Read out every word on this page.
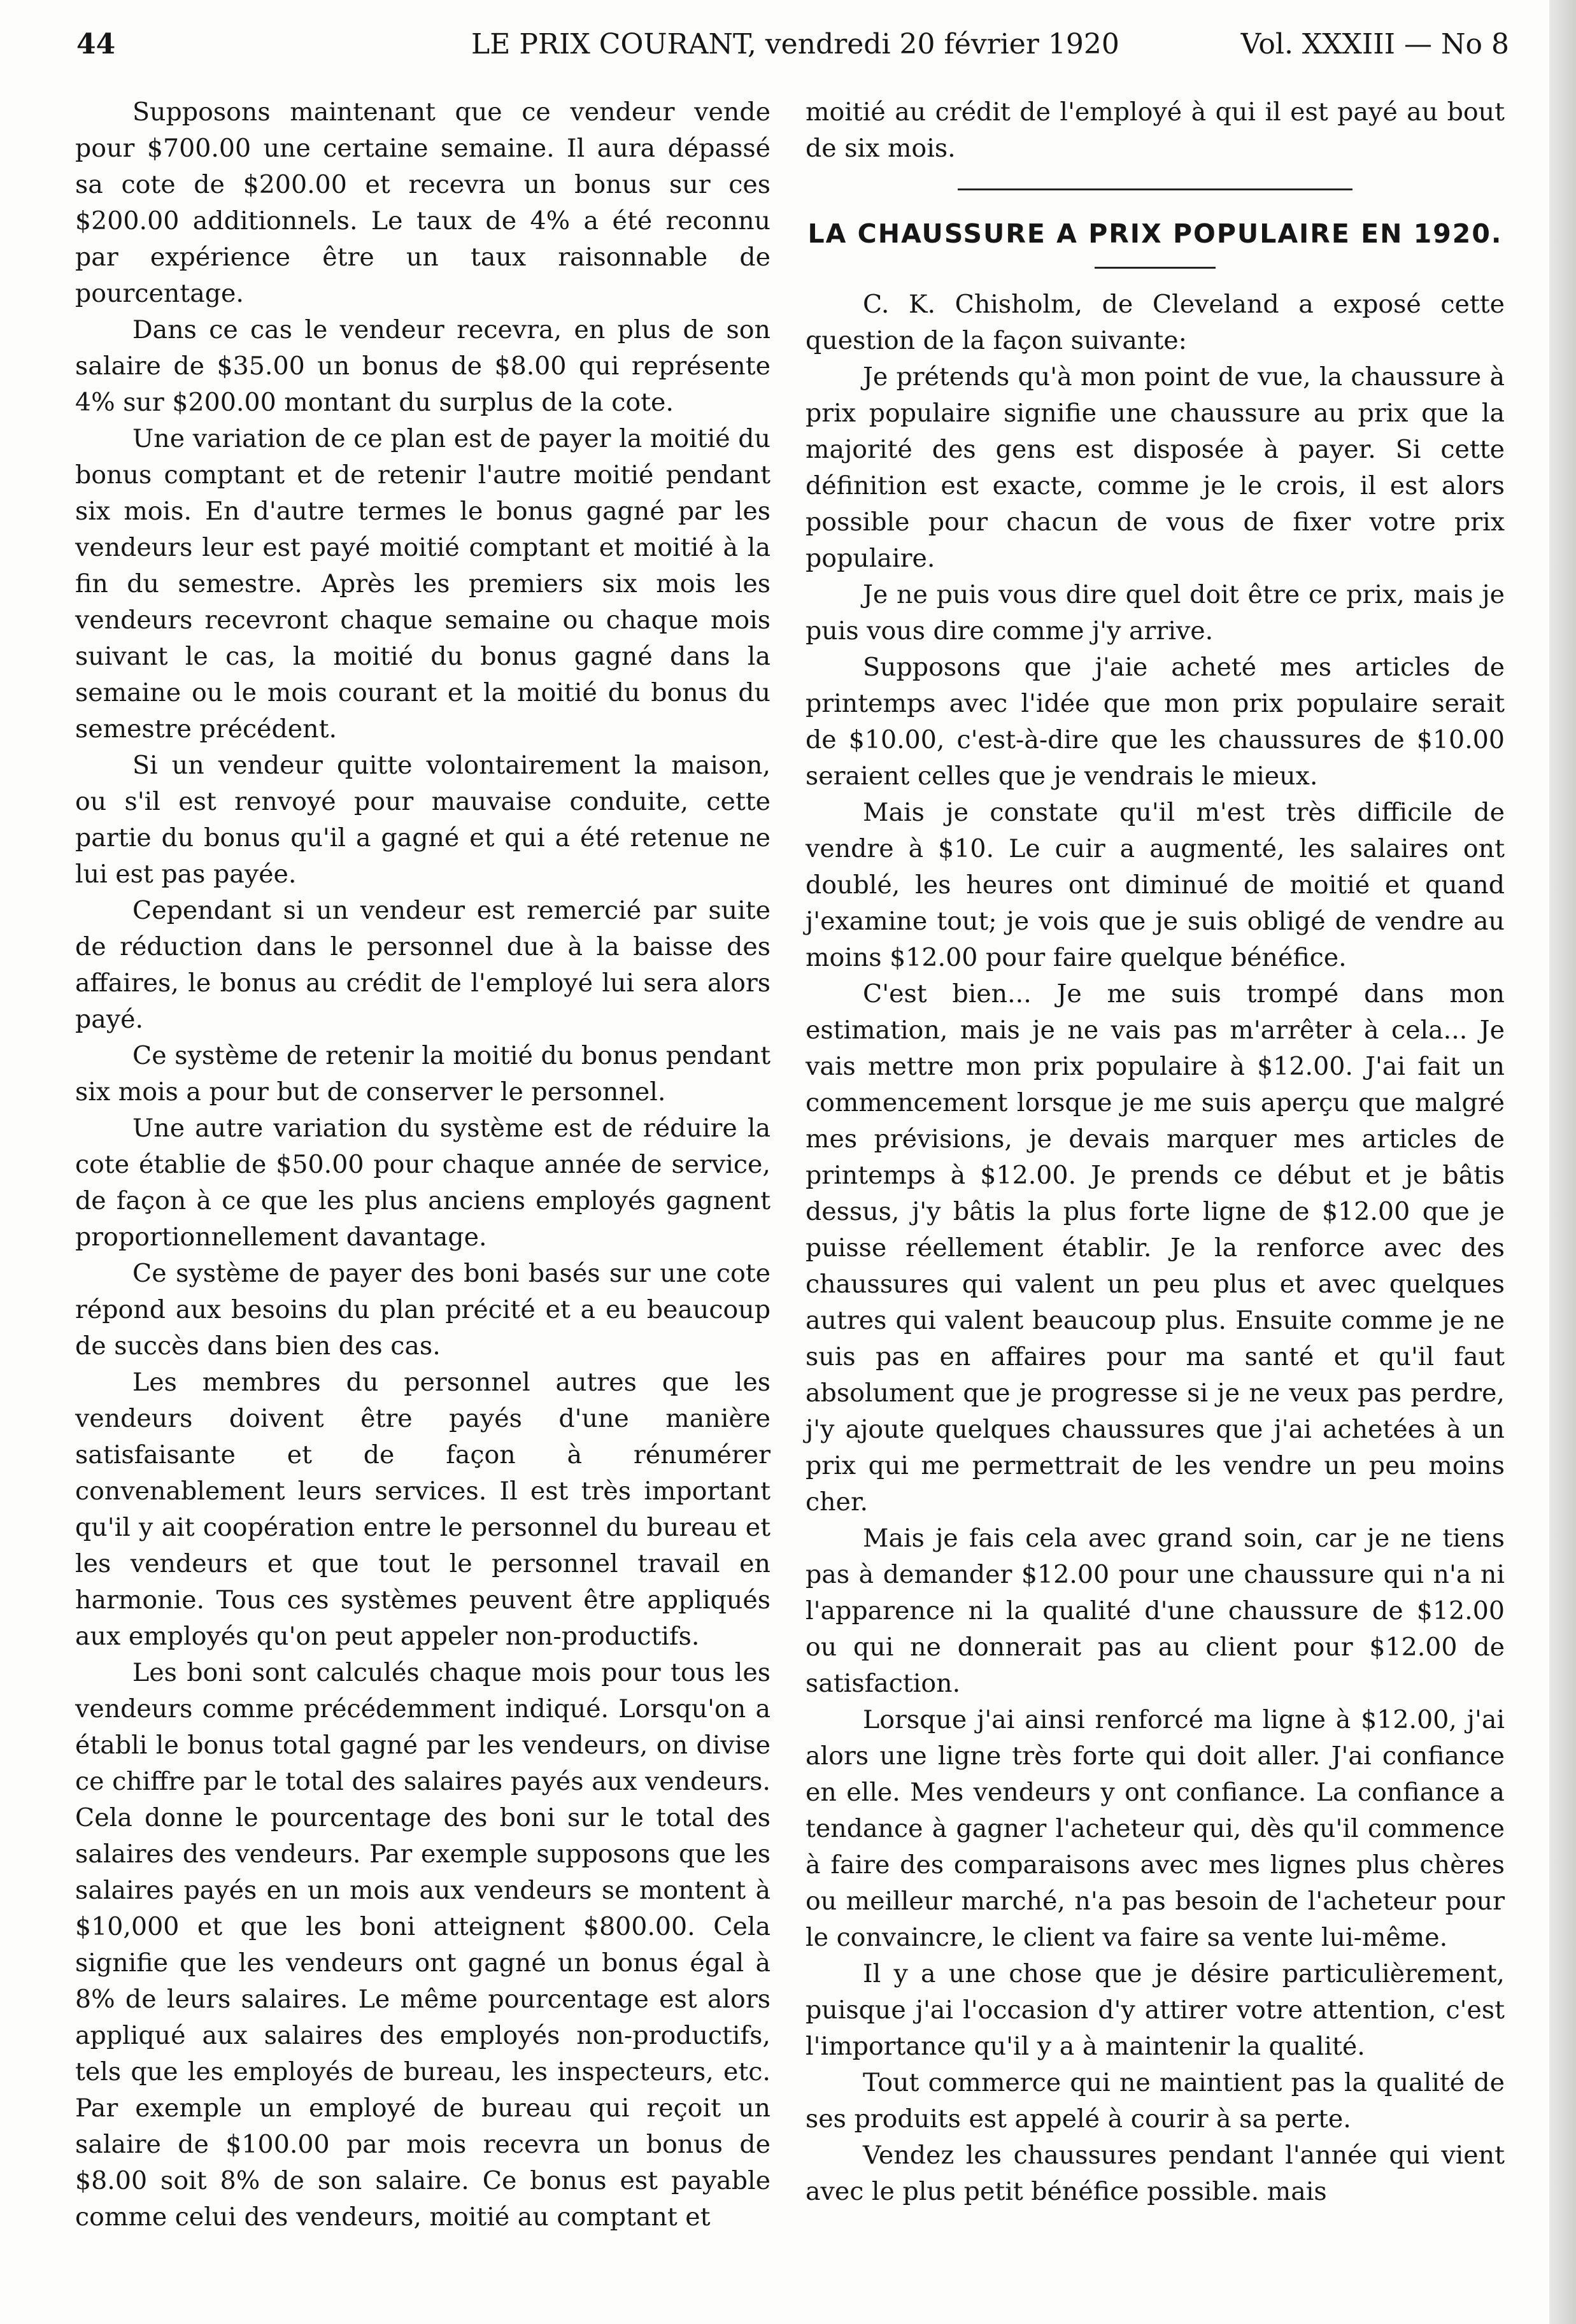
44	LE PRIX COURANT, vendredi 20 février 1920	Vol. XXXIII — No 8

Supposons maintenant que ce vendeur vende pour $700.00 une certaine semaine. Il aura dépassé sa cote de $200.00 et recevra un bonus sur ces $200.00 additionnels. Le taux de 4% a été reconnu par expérience être un taux raisonnable de pourcentage.

Dans ce cas le vendeur recevra, en plus de son salaire de $35.00 un bonus de $8.00 qui représente 4% sur $200.00 montant du surplus de la cote.

Une variation de ce plan est de payer la moitié du bonus comptant et de retenir l'autre moitié pendant six mois. En d'autre termes le bonus gagné par les vendeurs leur est payé moitié comptant et moitié à la fin du semestre. Après les premiers six mois les vendeurs recevront chaque semaine ou chaque mois suivant le cas, la moitié du bonus gagné dans la semaine ou le mois courant et la moitié du bonus du semestre précédent.

Si un vendeur quitte volontairement la maison, ou s'il est renvoyé pour mauvaise conduite, cette partie du bonus qu'il a gagné et qui a été retenue ne lui est pas payée.

Cependant si un vendeur est remercié par suite de réduction dans le personnel due à la baisse des affaires, le bonus au crédit de l'employé lui sera alors payé.

Ce système de retenir la moitié du bonus pendant six mois a pour but de conserver le personnel.

Une autre variation du système est de réduire la cote établie de $50.00 pour chaque année de service, de façon à ce que les plus anciens employés gagnent proportionnellement davantage.

Ce système de payer des boni basés sur une cote répond aux besoins du plan précité et a eu beaucoup de succès dans bien des cas.

Les membres du personnel autres que les vendeurs doivent être payés d'une manière satisfaisante et de façon à rénumérer convenablement leurs services. Il est très important qu'il y ait coopération entre le personnel du bureau et les vendeurs et que tout le personnel travail en harmonie. Tous ces systèmes peuvent être appliqués aux employés qu'on peut appeler non-productifs.

Les boni sont calculés chaque mois pour tous les vendeurs comme précédemment indiqué. Lorsqu'on a établi le bonus total gagné par les vendeurs, on divise ce chiffre par le total des salaires payés aux vendeurs. Cela donne le pourcentage des boni sur le total des salaires des vendeurs. Par exemple supposons que les salaires payés en un mois aux vendeurs se montent à $10,000 et que les boni atteignent $800.00. Cela signifie que les vendeurs ont gagné un bonus égal à 8% de leurs salaires. Le même pourcentage est alors appliqué aux salaires des employés non-productifs, tels que les employés de bureau, les inspecteurs, etc. Par exemple un employé de bureau qui reçoit un salaire de $100.00 par mois recevra un bonus de $8.00 soit 8% de son salaire. Ce bonus est payable comme celui des vendeurs, moitié au comptant et

moitié au crédit de l'employé à qui il est payé au bout de six mois.

LA CHAUSSURE A PRIX POPULAIRE EN 1920.

C. K. Chisholm, de Cleveland a exposé cette question de la façon suivante:

Je prétends qu'à mon point de vue, la chaussure à prix populaire signifie une chaussure au prix que la majorité des gens est disposée à payer. Si cette définition est exacte, comme je le crois, il est alors possible pour chacun de vous de fixer votre prix populaire.

Je ne puis vous dire quel doit être ce prix, mais je puis vous dire comme j'y arrive.

Supposons que j'aie acheté mes articles de printemps avec l'idée que mon prix populaire serait de $10.00, c'est-à-dire que les chaussures de $10.00 seraient celles que je vendrais le mieux.

Mais je constate qu'il m'est très difficile de vendre à $10. Le cuir a augmenté, les salaires ont doublé, les heures ont diminué de moitié et quand j'examine tout; je vois que je suis obligé de vendre au moins $12.00 pour faire quelque bénéfice.

C'est bien... Je me suis trompé dans mon estimation, mais je ne vais pas m'arrêter à cela... Je vais mettre mon prix populaire à $12.00. J'ai fait un commencement lorsque je me suis aperçu que malgré mes prévisions, je devais marquer mes articles de printemps à $12.00. Je prends ce début et je bâtis dessus, j'y bâtis la plus forte ligne de $12.00 que je puisse réellement établir. Je la renforce avec des chaussures qui valent un peu plus et avec quelques autres qui valent beaucoup plus. Ensuite comme je ne suis pas en affaires pour ma santé et qu'il faut absolument que je progresse si je ne veux pas perdre, j'y ajoute quelques chaussures que j'ai achetées à un prix qui me permettrait de les vendre un peu moins cher.

Mais je fais cela avec grand soin, car je ne tiens pas à demander $12.00 pour une chaussure qui n'a ni l'apparence ni la qualité d'une chaussure de $12.00 ou qui ne donnerait pas au client pour $12.00 de satisfaction.

Lorsque j'ai ainsi renforcé ma ligne à $12.00, j'ai alors une ligne très forte qui doit aller. J'ai confiance en elle. Mes vendeurs y ont confiance. La confiance a tendance à gagner l'acheteur qui, dès qu'il commence à faire des comparaisons avec mes lignes plus chères ou meilleur marché, n'a pas besoin de l'acheteur pour le convaincre, le client va faire sa vente lui-même.

Il y a une chose que je désire particulièrement, puisque j'ai l'occasion d'y attirer votre attention, c'est l'importance qu'il y a à maintenir la qualité.

Tout commerce qui ne maintient pas la qualité de ses produits est appelé à courir à sa perte.

Vendez les chaussures pendant l'année qui vient avec le plus petit bénéfice possible. mais
